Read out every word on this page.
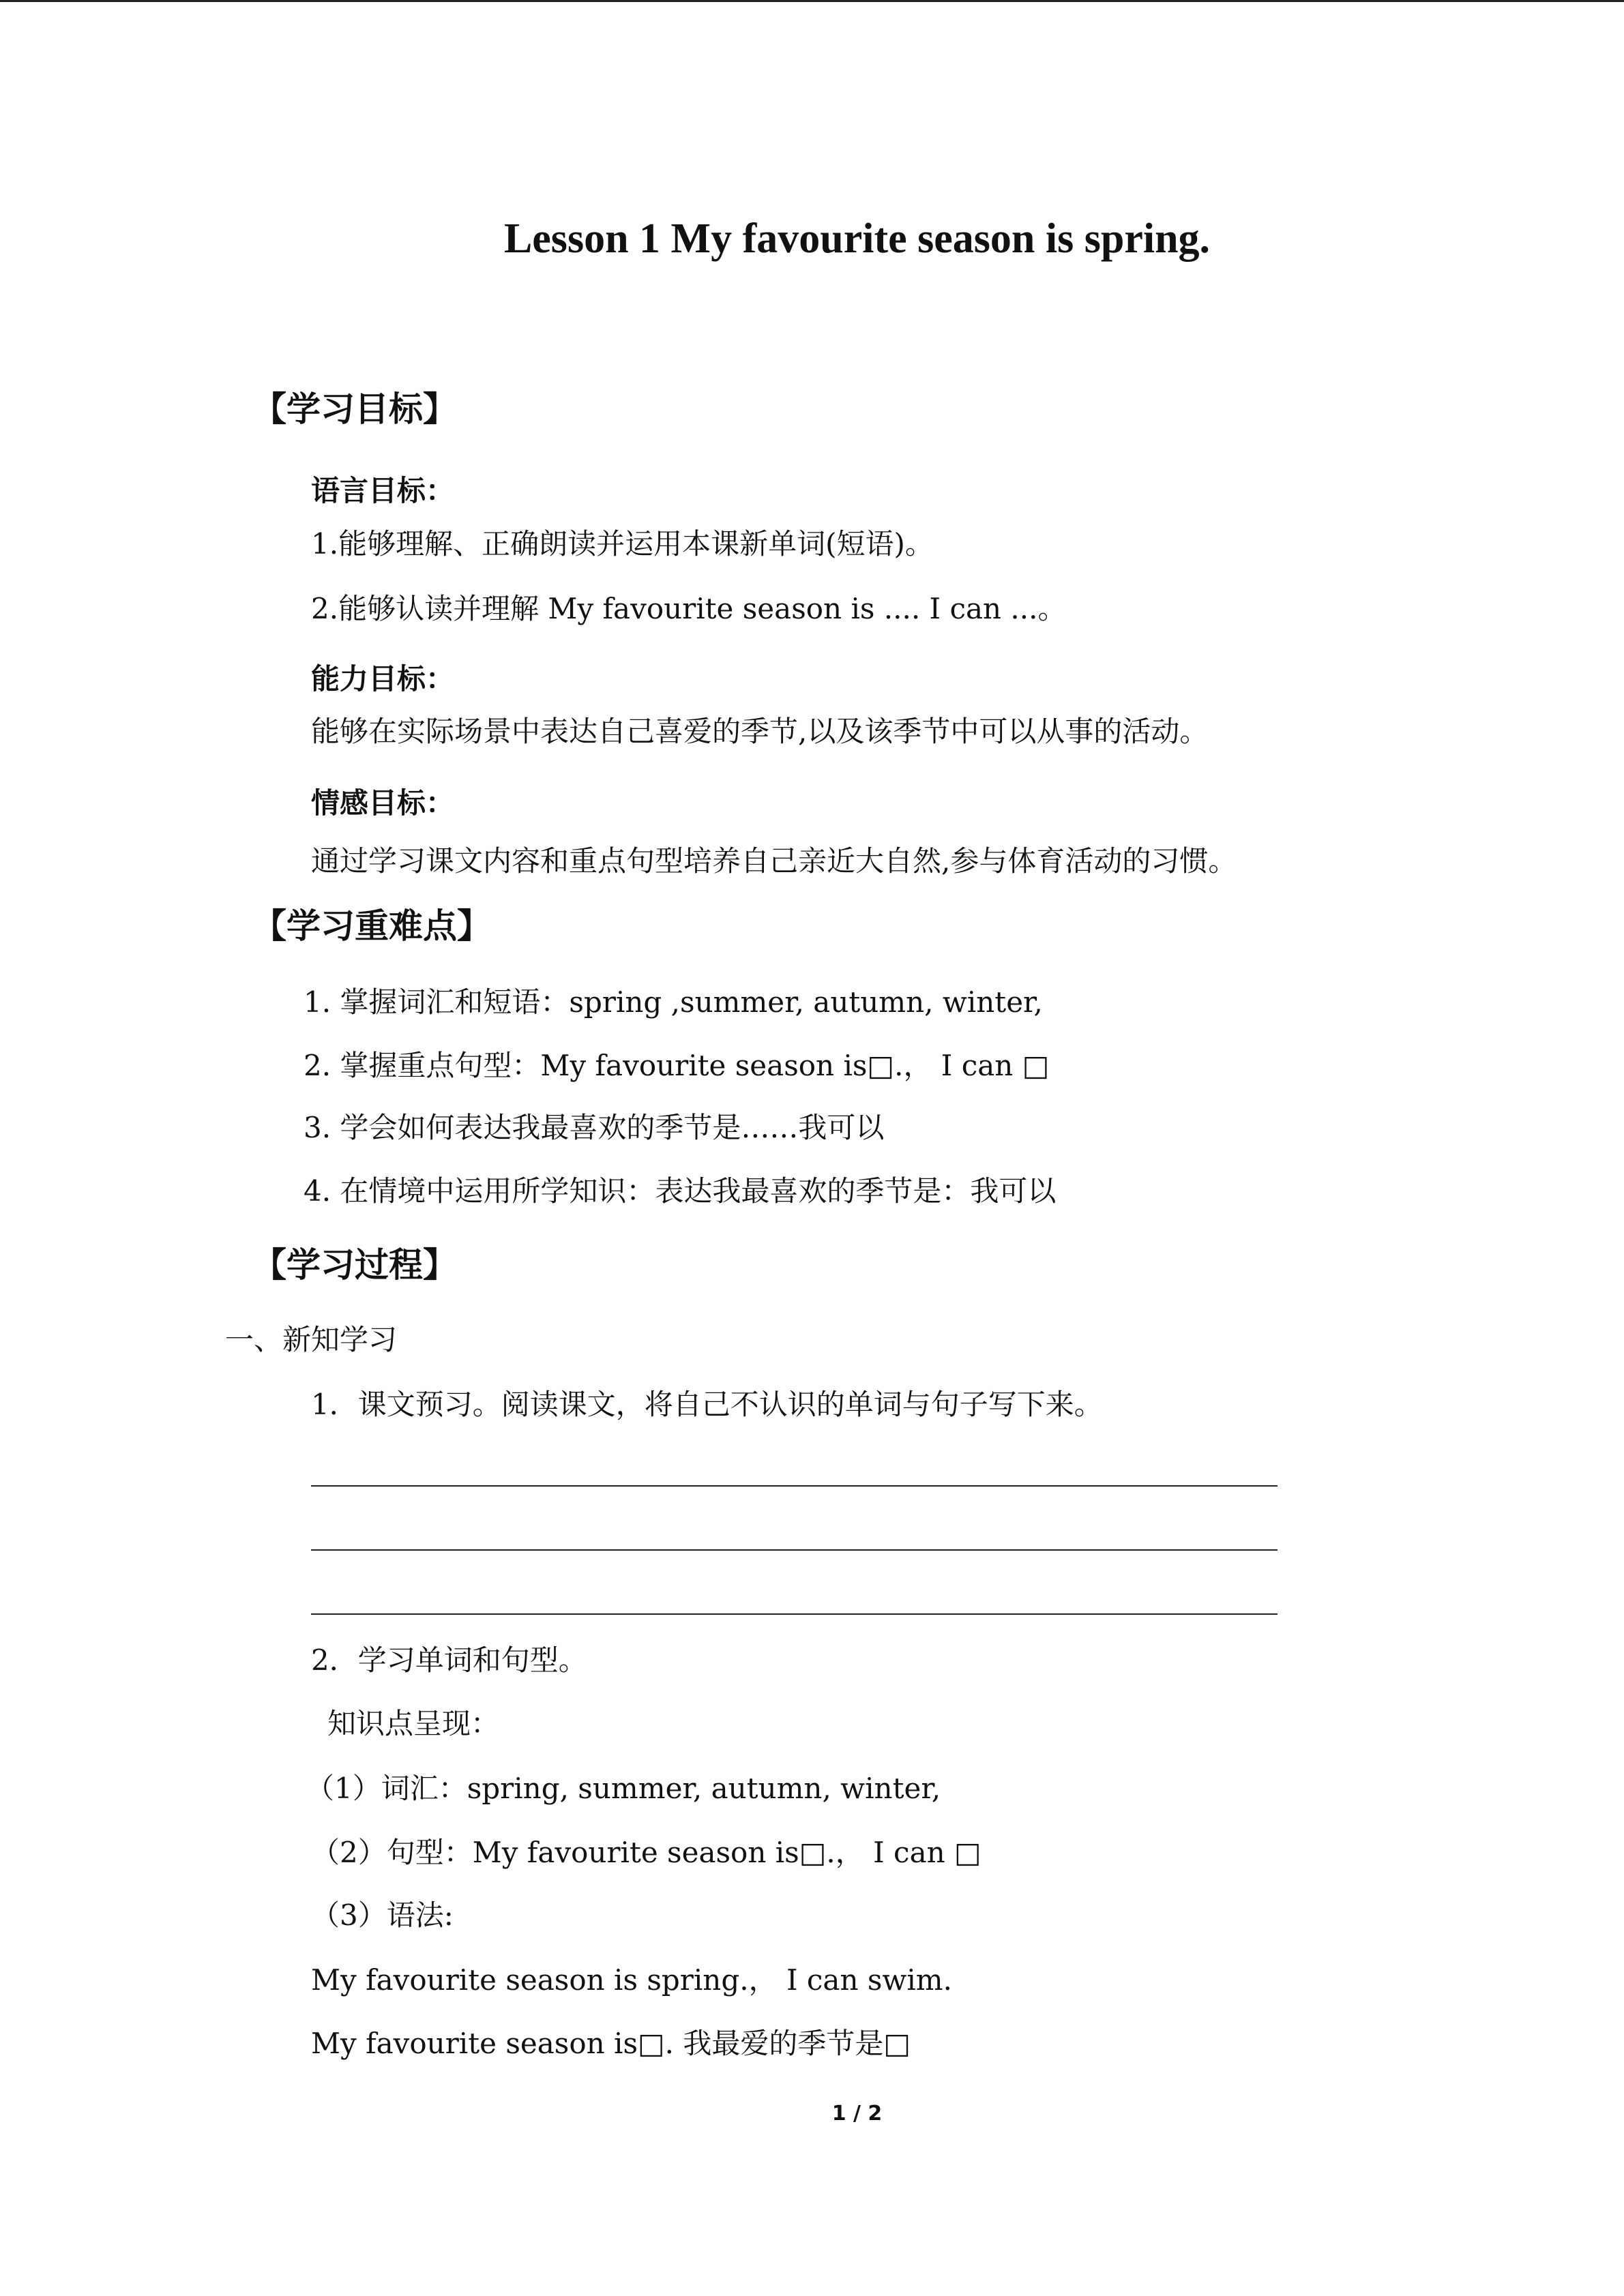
Lesson 1 My favourite season is spring.
【学习目标】
语言目标：
1.能够理解、正确朗读并运用本课新单词(短语)。
2.能够认读并理解 My favourite season is .... I can ...。
能力目标：
能够在实际场景中表达自己喜爱的季节,以及该季节中可以从事的活动。
情感目标：
通过学习课文内容和重点句型培养自己亲近大自然,参与体育活动的习惯。
【学习重难点】
1. 掌握词汇和短语：spring ,summer, autumn, winter,
2. 掌握重点句型：My favourite season is□.， I can □
3. 学会如何表达我最喜欢的季节是……我可以
4. 在情境中运用所学知识：表达我最喜欢的季节是：我可以
【学习过程】
一、新知学习
1．课文预习。阅读课文，将自己不认识的单词与句子写下来。
2．学习单词和句型。
知识点呈现：
（1）词汇：spring, summer, autumn, winter,
（2）句型：My favourite season is□.， I can □
（3）语法:
My favourite season is spring.， I can swim.
My favourite season is□. 我最爱的季节是□
1 / 2
